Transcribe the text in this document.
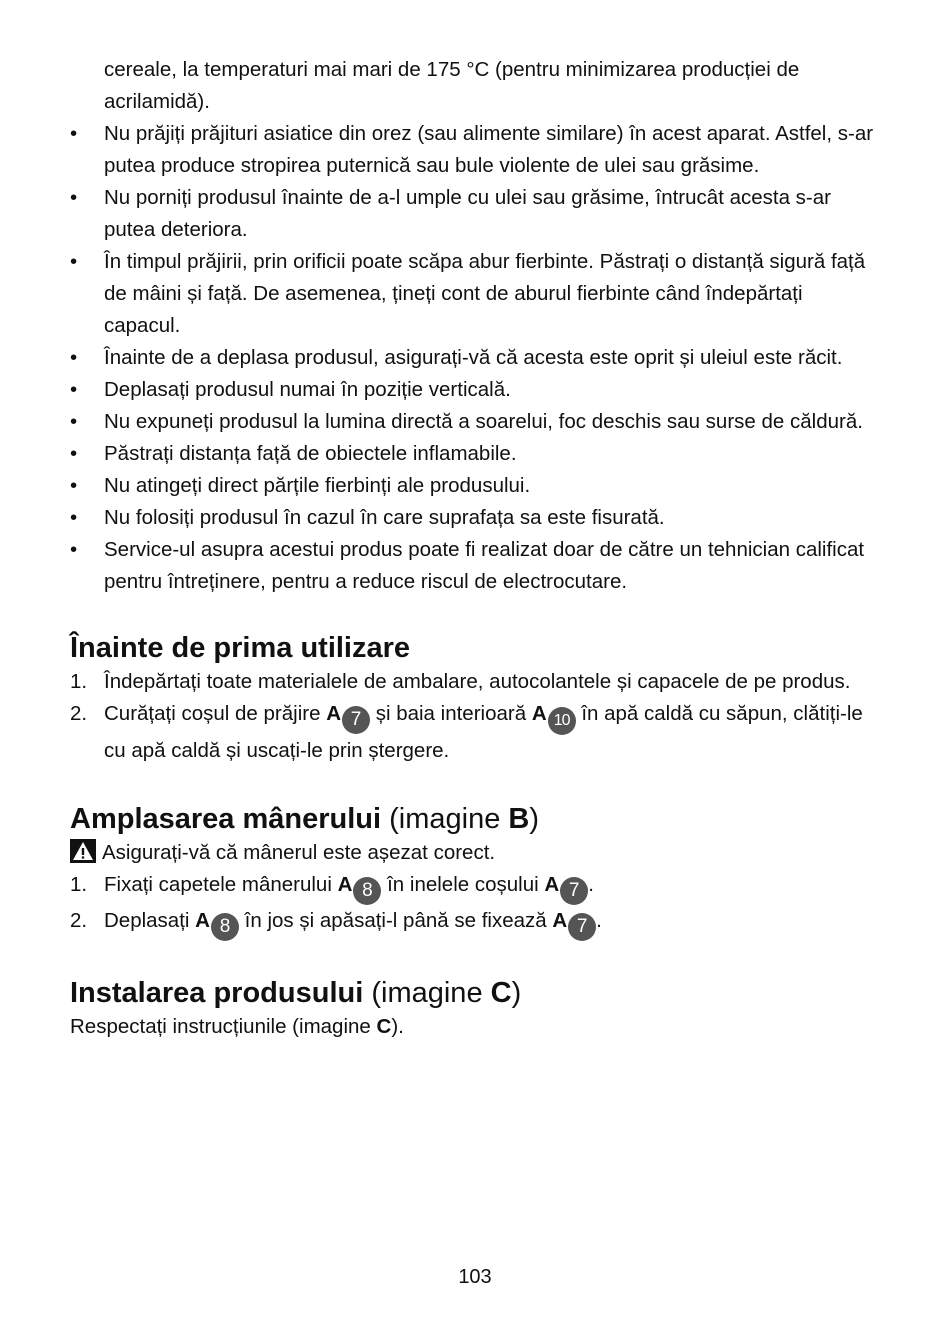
cereale, la temperaturi mai mari de 175 °C (pentru minimizarea producției de acrilamidă).

•	Nu prăjiți prăjituri asiatice din orez (sau alimente similare) în acest aparat. Astfel, s-ar putea produce stropirea puternică sau bule violente de ulei sau grăsime.
•	Nu porniți produsul înainte de a-l umple cu ulei sau grăsime, întrucât acesta s-ar putea deteriora.
•	În timpul prăjirii, prin orificii poate scăpa abur fierbinte. Păstrați o distanță sigură față de mâini și față. De asemenea, țineți cont de aburul fierbinte când îndepărtați capacul.
•	Înainte de a deplasa produsul, asigurați-vă că acesta este oprit și uleiul este răcit.
•	Deplasați produsul numai în poziție verticală.
•	Nu expuneți produsul la lumina directă a soarelui, foc deschis sau surse de căldură.
•	Păstrați distanța față de obiectele inflamabile.
•	Nu atingeți direct părțile fierbinți ale produsului.
•	Nu folosiți produsul în cazul în care suprafața sa este fisurată.
•	Service-ul asupra acestui produs poate fi realizat doar de către un tehnician calificat pentru întreținere, pentru a reduce riscul de electrocutare.
Înainte de prima utilizare
1. Îndepărtați toate materialele de ambalare, autocolantele și capacele de pe produs.
2. Curățați coșul de prăjire A 7 și baia interioară A 10 în apă caldă cu săpun, clătiți-le cu apă caldă și uscați-le prin ștergere.
Amplasarea mânerului (imagine B)

Asigurați-vă că mânerul este așezat corect.

1. Fixați capetele mânerului A 8 în inelele coșului A 7 .
2. Deplasați A 8 în jos și apăsați-l până se fixează A 7 .
Instalarea produsului (imagine C)

Respectați instrucțiunile (imagine C).

103
